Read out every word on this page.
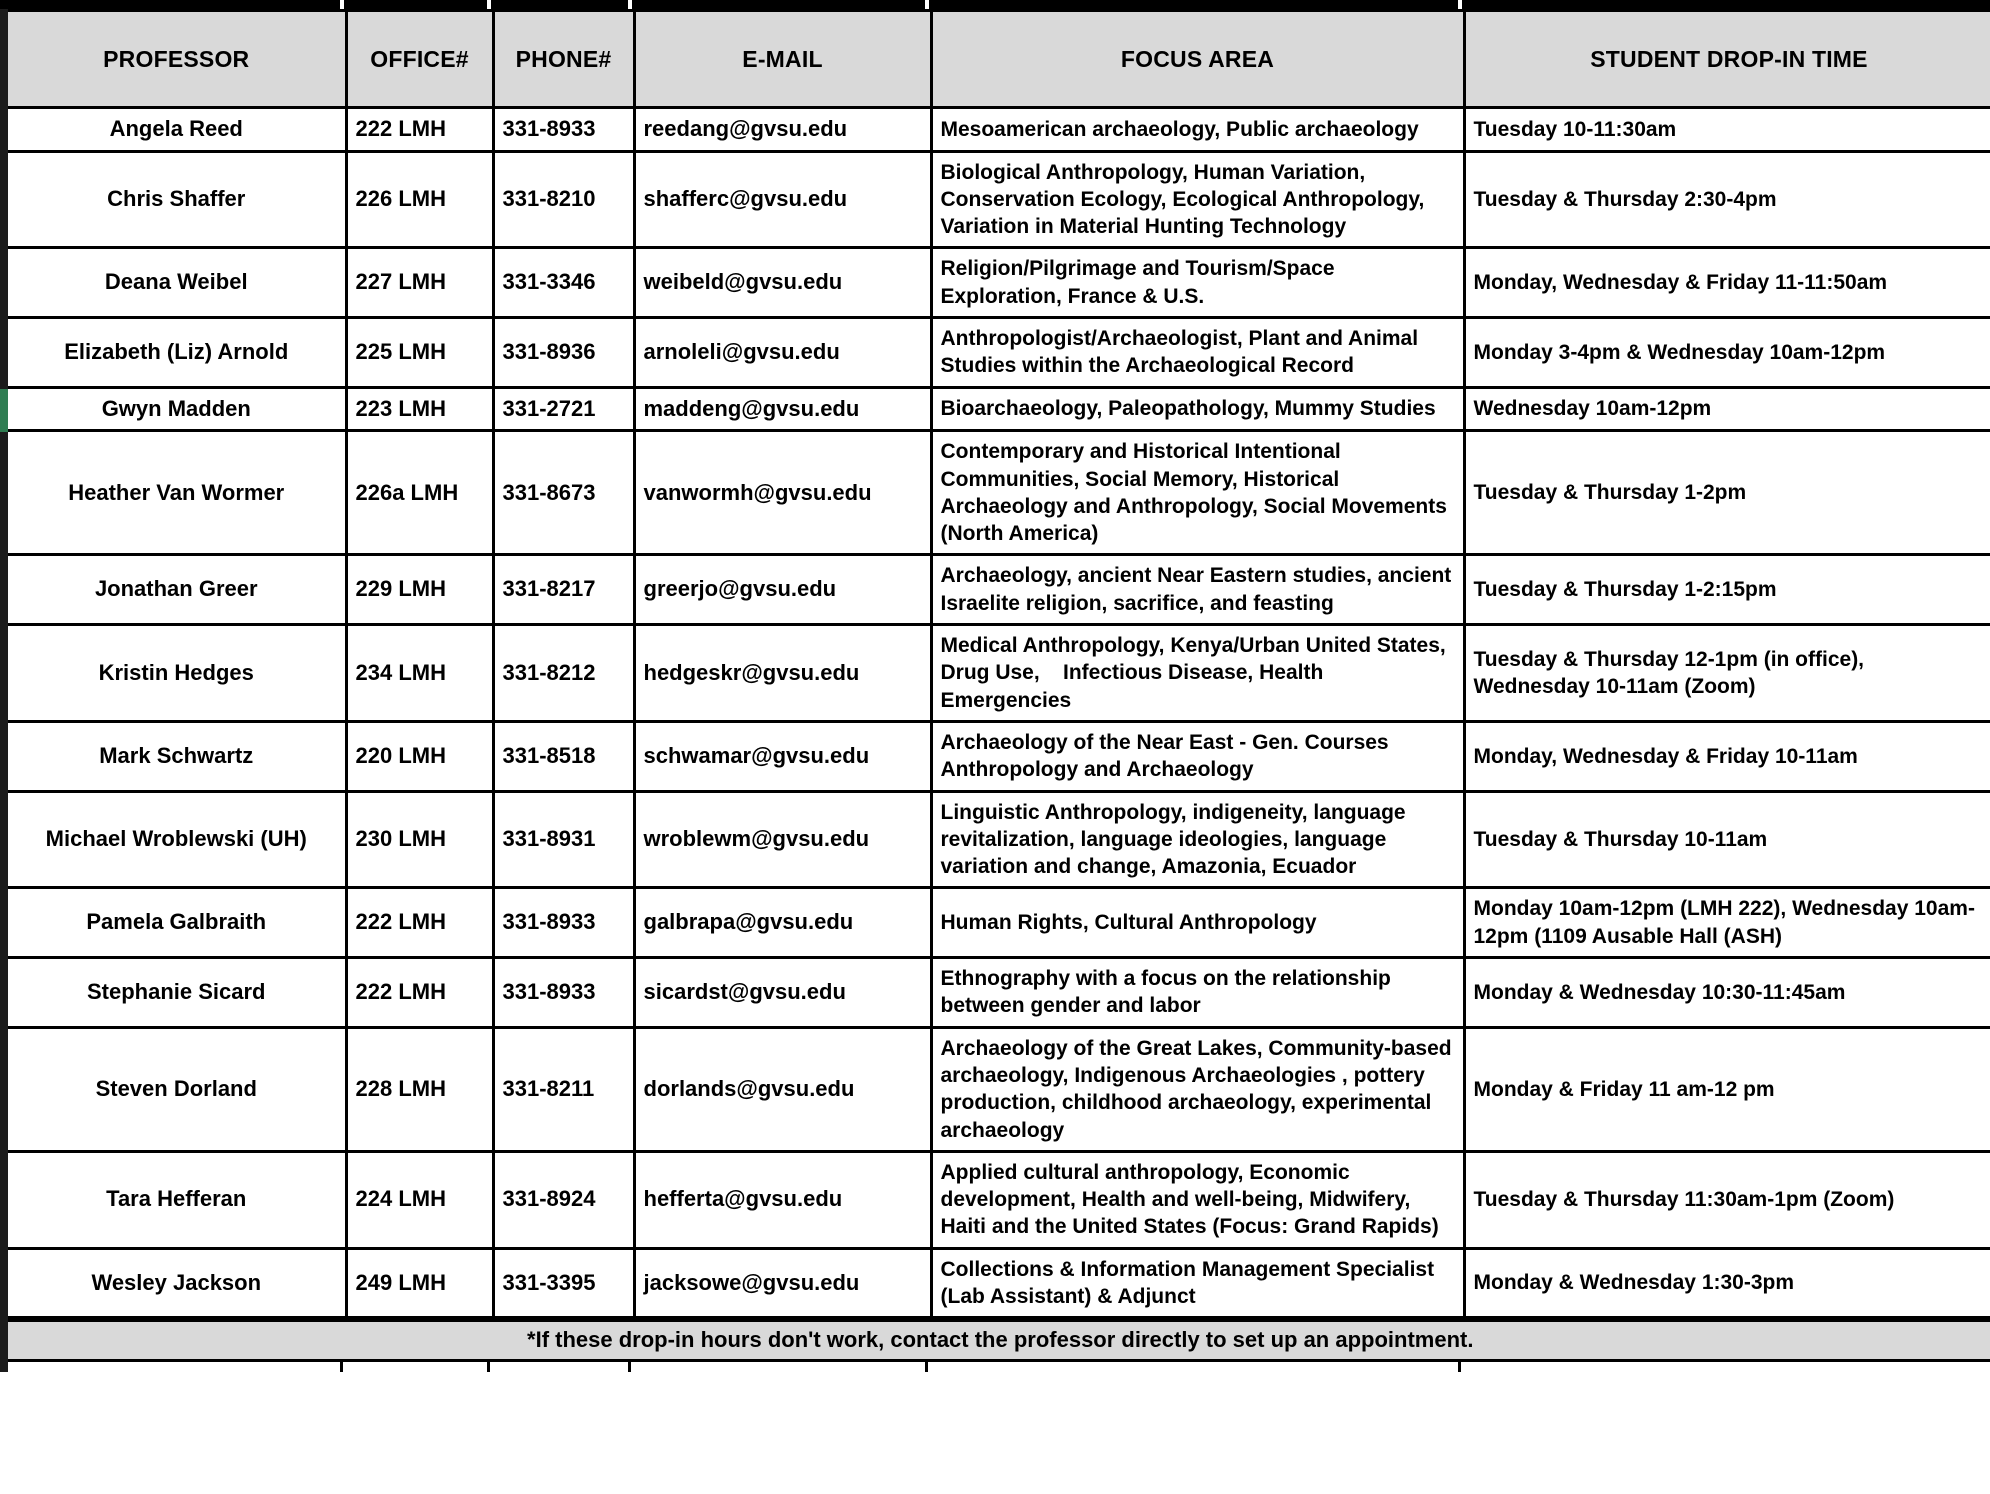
PROFESSOR	OFFICE#	PHONE#	E-MAIL	FOCUS AREA	STUDENT DROP-IN TIME
Angela Reed	222 LMH	331-8933	reedang@gvsu.edu	Mesoamerican archaeology, Public archaeology	Tuesday 10-11:30am
Chris Shaffer	226 LMH	331-8210	shafferc@gvsu.edu	Biological Anthropology, Human Variation, Conservation Ecology, Ecological Anthropology, Variation in Material Hunting Technology	Tuesday & Thursday 2:30-4pm
Deana Weibel	227 LMH	331-3346	weibeld@gvsu.edu	Religion/Pilgrimage and Tourism/Space Exploration, France & U.S.	Monday, Wednesday & Friday 11-11:50am
Elizabeth (Liz) Arnold	225 LMH	331-8936	arnoleli@gvsu.edu	Anthropologist/Archaeologist, Plant and Animal Studies within the Archaeological Record	Monday 3-4pm & Wednesday 10am-12pm
Gwyn Madden	223 LMH	331-2721	maddeng@gvsu.edu	Bioarchaeology, Paleopathology, Mummy Studies	Wednesday 10am-12pm
Heather Van Wormer	226a LMH	331-8673	vanwormh@gvsu.edu	Contemporary and Historical Intentional Communities, Social Memory, Historical Archaeology and Anthropology, Social Movements (North America)	Tuesday & Thursday 1-2pm
Jonathan Greer	229 LMH	331-8217	greerjo@gvsu.edu	Archaeology, ancient Near Eastern studies, ancient Israelite religion, sacrifice, and feasting	Tuesday & Thursday 1-2:15pm
Kristin Hedges	234 LMH	331-8212	hedgeskr@gvsu.edu	Medical Anthropology, Kenya/Urban United States, Drug Use,    Infectious Disease, Health Emergencies	Tuesday & Thursday 12-1pm (in office), Wednesday 10-11am (Zoom)
Mark Schwartz	220 LMH	331-8518	schwamar@gvsu.edu	Archaeology of the Near East - Gen. Courses Anthropology and Archaeology	Monday, Wednesday & Friday 10-11am
Michael Wroblewski (UH)	230 LMH	331-8931	wroblewm@gvsu.edu	Linguistic Anthropology, indigeneity, language revitalization, language ideologies, language variation and change, Amazonia, Ecuador	Tuesday & Thursday 10-11am
Pamela Galbraith	222 LMH	331-8933	galbrapa@gvsu.edu	Human Rights, Cultural Anthropology	Monday 10am-12pm (LMH 222), Wednesday 10am-12pm (1109 Ausable Hall (ASH)
Stephanie Sicard	222 LMH	331-8933	sicardst@gvsu.edu	Ethnography with a focus on the relationship between gender and labor	Monday & Wednesday 10:30-11:45am
Steven Dorland	228 LMH	331-8211	dorlands@gvsu.edu	Archaeology of the Great Lakes, Community-based archaeology, Indigenous Archaeologies , pottery production, childhood archaeology, experimental archaeology	Monday & Friday 11 am-12 pm
Tara Hefferan	224 LMH	331-8924	hefferta@gvsu.edu	Applied cultural anthropology, Economic development, Health and well-being, Midwifery, Haiti and the United States (Focus: Grand Rapids)	Tuesday & Thursday 11:30am-1pm (Zoom)
Wesley Jackson	249 LMH	331-3395	jacksowe@gvsu.edu	Collections & Information Management Specialist (Lab Assistant) & Adjunct	Monday & Wednesday 1:30-3pm
*If these drop-in hours don't work, contact the professor directly to set up an appointment.					
